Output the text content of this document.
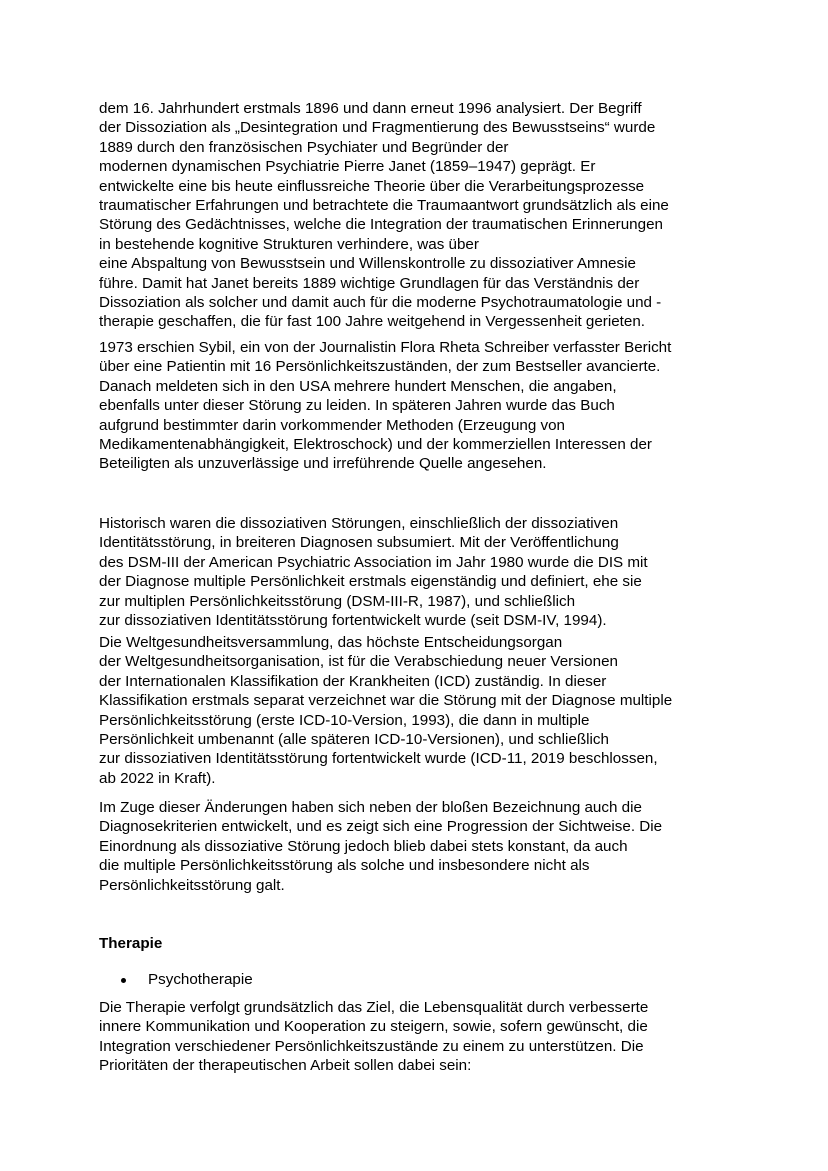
dem 16. Jahrhundert erstmals 1896 und dann erneut 1996 analysiert. Der Begriff
der Dissoziation als „Desintegration und Fragmentierung des Bewusstseins“ wurde
1889 durch den französischen Psychiater und Begründer der
modernen dynamischen Psychiatrie Pierre Janet (1859–1947) geprägt. Er
entwickelte eine bis heute einflussreiche Theorie über die Verarbeitungsprozesse
traumatischer Erfahrungen und betrachtete die Traumaantwort grundsätzlich als eine
Störung des Gedächtnisses, welche die Integration der traumatischen Erinnerungen
in bestehende kognitive Strukturen verhindere, was über
eine Abspaltung von Bewusstsein und Willenskontrolle zu dissoziativer Amnesie
führe. Damit hat Janet bereits 1889 wichtige Grundlagen für das Verständnis der
Dissoziation als solcher und damit auch für die moderne Psychotraumatologie und -
therapie geschaffen, die für fast 100 Jahre weitgehend in Vergessenheit gerieten.
1973 erschien Sybil, ein von der Journalistin Flora Rheta Schreiber verfasster Bericht
über eine Patientin mit 16 Persönlichkeitszuständen, der zum Bestseller avancierte.
Danach meldeten sich in den USA mehrere hundert Menschen, die angaben,
ebenfalls unter dieser Störung zu leiden. In späteren Jahren wurde das Buch
aufgrund bestimmter darin vorkommender Methoden (Erzeugung von
Medikamentenabhängigkeit, Elektroschock) und der kommerziellen Interessen der
Beteiligten als unzuverlässige und irreführende Quelle angesehen.
Historisch waren die dissoziativen Störungen, einschließlich der dissoziativen
Identitätsstörung, in breiteren Diagnosen subsumiert. Mit der Veröffentlichung
des DSM-III der American Psychiatric Association im Jahr 1980 wurde die DIS mit
der Diagnose multiple Persönlichkeit erstmals eigenständig und definiert, ehe sie
zur multiplen Persönlichkeitsstörung (DSM-III-R, 1987), und schließlich
zur dissoziativen Identitätsstörung fortentwickelt wurde (seit DSM-IV, 1994).
Die Weltgesundheitsversammlung, das höchste Entscheidungsorgan
der Weltgesundheitsorganisation, ist für die Verabschiedung neuer Versionen
der Internationalen Klassifikation der Krankheiten (ICD) zuständig. In dieser
Klassifikation erstmals separat verzeichnet war die Störung mit der Diagnose multiple
Persönlichkeitsstörung (erste ICD-10-Version, 1993), die dann in multiple
Persönlichkeit umbenannt (alle späteren ICD-10-Versionen), und schließlich
zur dissoziativen Identitätsstörung fortentwickelt wurde (ICD-11, 2019 beschlossen,
ab 2022 in Kraft).
Im Zuge dieser Änderungen haben sich neben der bloßen Bezeichnung auch die
Diagnosekriterien entwickelt, und es zeigt sich eine Progression der Sichtweise. Die
Einordnung als dissoziative Störung jedoch blieb dabei stets konstant, da auch
die multiple Persönlichkeitsstörung als solche und insbesondere nicht als
Persönlichkeitsstörung galt.
Therapie
Psychotherapie
Die Therapie verfolgt grundsätzlich das Ziel, die Lebensqualität durch verbesserte
innere Kommunikation und Kooperation zu steigern, sowie, sofern gewünscht, die
Integration verschiedener Persönlichkeitszustände zu einem zu unterstützen. Die
Prioritäten der therapeutischen Arbeit sollen dabei sein:
